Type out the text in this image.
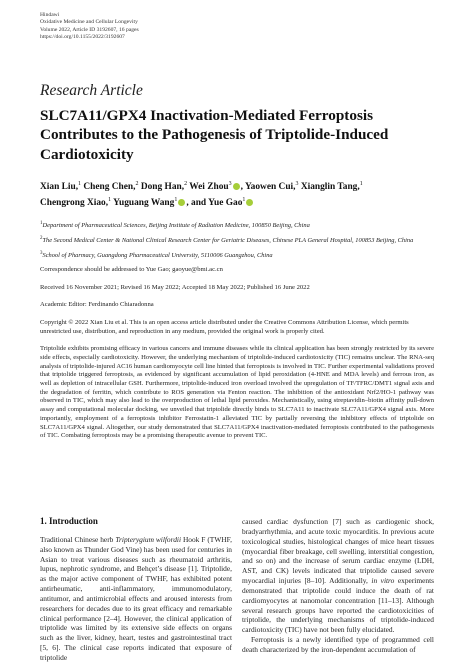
Hindawi
Oxidative Medicine and Cellular Longevity
Volume 2022, Article ID 3192607, 16 pages
https://doi.org/10.1155/2022/3192607
Research Article
SLC7A11/GPX4 Inactivation-Mediated Ferroptosis Contributes to the Pathogenesis of Triptolide-Induced Cardiotoxicity
Xian Liu,$^1$ Cheng Chen,$^2$ Dong Han,$^2$ Wei Zhou$^3$ , Yaowen Cui,$^3$ Xianglin Tang,$^1$
Chengrong Xiao,$^1$ Yuguang Wang$^1$ , and Yue Gao$^1$
$^1$Department of Pharmaceutical Sciences, Beijing Institute of Radiation Medicine, 100850 Beijing, China
$^2$The Second Medical Center & National Clinical Research Center for Geriatric Diseases, Chinese PLA General Hospital, 100853 Beijing, China
$^3$School of Pharmacy, Guangdong Pharmaceutical University, 5110006 Guangzhou, China

Correspondence should be addressed to Yue Gao; gaoyue@bmi.ac.cn

Received 16 November 2021; Revised 16 May 2022; Accepted 18 May 2022; Published 16 June 2022

Academic Editor: Ferdinando Chiaradonna

Copyright © 2022 Xian Liu et al. This is an open access article distributed under the Creative Commons Attribution License, which permits unrestricted use, distribution, and reproduction in any medium, provided the original work is properly cited.

Triptolide exhibits promising efficacy in various cancers and immune diseases while its clinical application has been strongly restricted by its severe side effects, especially cardiotoxicity. However, the underlying mechanism of triptolide-induced cardiotoxicity (TIC) remains unclear. The RNA-seq analysis of triptolide-injured AC16 human cardiomyocyte cell line hinted that ferroptosis is involved in TIC. Further experimental validations proved that triptolide triggered ferroptosis, as evidenced by significant accumulation of lipid peroxidation (4-HNE and MDA levels) and ferrous iron, as well as depletion of intracellular GSH. Furthermore, triptolide-induced iron overload involved the upregulation of TF/TFRC/DMT1 signal axis and the degradation of ferritin, which contribute to ROS generation via Fenton reaction. The inhibition of the antioxidant Nrf2/HO-1 pathway was observed in TIC, which may also lead to the overproduction of lethal lipid peroxides. Mechanistically, using streptavidin–biotin affinity pull-down assay and computational molecular docking, we unveiled that triptolide directly binds to SLC7A11 to inactivate SLC7A11/GPX4 signal axis. More importantly, employment of a ferroptosis inhibitor Ferrostatin-1 alleviated TIC by partially reversing the inhibitory effects of triptolide on SLC7A11/GPX4 signal. Altogether, our study demonstrated that SLC7A11/GPX4 inactivation-mediated ferroptosis contributed to the pathogenesis of TIC. Combating ferroptosis may be a promising therapeutic avenue to prevent TIC.
1. Introduction

Traditional Chinese herb Tripterygium wilfordii Hook F (TWHF, also known as Thunder God Vine) has been used for centuries in Asian to treat various diseases such as rheumatoid arthritis, lupus, nephrotic syndrome, and Behçet’s disease [1]. Triptolide, as the major active component of TWHF, has exhibited potent antirheumatic, anti-inflammatory, immunomodulatory, antitumor, and antimicrobial effects and aroused interests from researchers for decades due to its great efficacy and remarkable clinical performance [2–4]. However, the clinical application of triptolide was limited by its extensive side effects on organs such as the liver, kidney, heart, testes and gastrointestinal tract [5, 6]. The clinical case reports indicated that exposure of triptolide

caused cardiac dysfunction [7] such as cardiogenic shock, bradyarrhythmia, and acute toxic myocarditis. In previous acute toxicological studies, histological changes of mice heart tissues (myocardial fiber breakage, cell swelling, interstitial congestion, and so on) and the increase of serum cardiac enzyme (LDH, AST, and CK) levels indicated that triptolide caused severe myocardial injuries [8–10]. Additionally, in vitro experiments demonstrated that triptolide could induce the death of rat cardiomyocytes at nanomolar concentration [11–13]. Although several research groups have reported the cardiotoxicities of triptolide, the underlying mechanisms of triptolide-induced cardiotoxicity (TIC) have not been fully elucidated.

Ferroptosis is a newly identified type of programmed cell death characterized by the iron-dependent accumulation of
